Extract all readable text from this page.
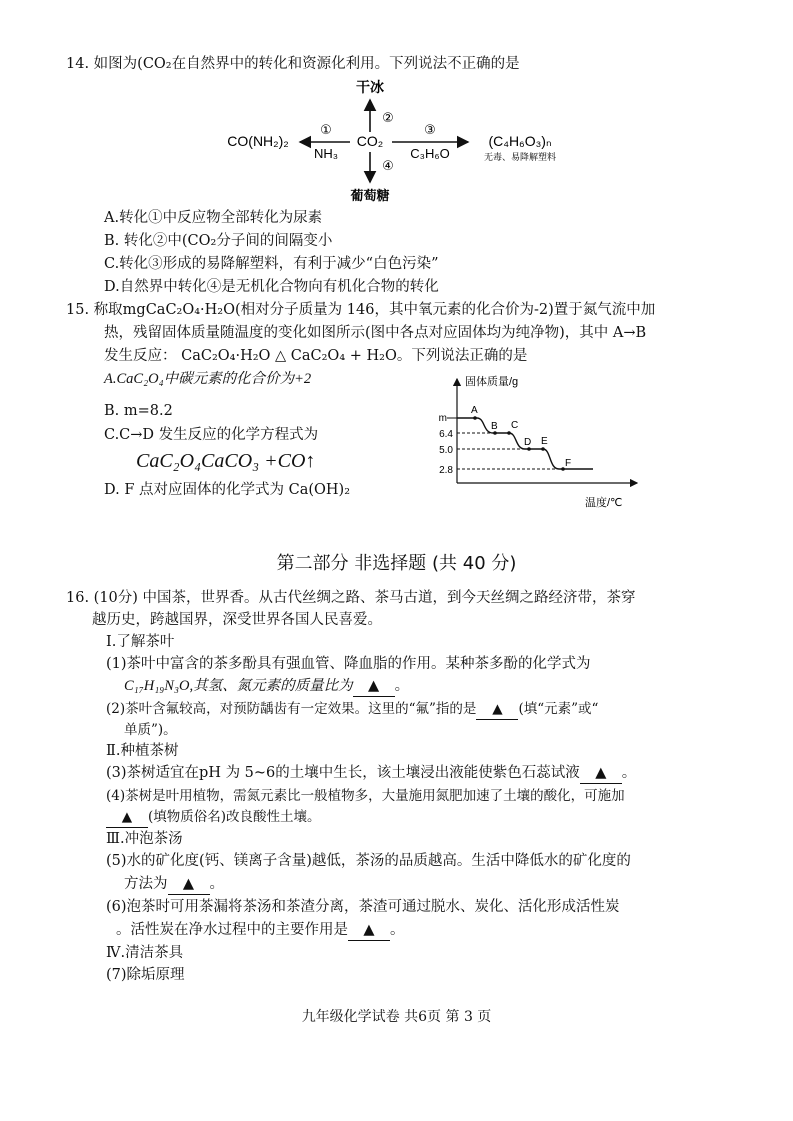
14. 如图为(CO₂在自然界中的转化和资源化利用。下列说法不正确的是
干冰
②
CO₂
①
NH₃
CO(NH₂)₂
③
C₃H₆O
(C₄H₆O₃)ₙ
无毒、易降解塑料
④
葡萄糖
A.转化①中反应物全部转化为尿素
B. 转化②中(CO₂分子间的间隔变小
C.转化③形成的易降解塑料，有利于减少“白色污染”
D.自然界中转化④是无机化合物向有机化合物的转化
15. 称取mgCaC₂O₄·H₂O(相对分子质量为 146，其中氧元素的化合价为-2)置于氮气流中加
热，残留固体质量随温度的变化如图所示(图中各点对应固体均为纯净物)，其中 A→B
发生反应： CaC₂O₄·H₂O △ CaC₂O₄ + H₂O。下列说法正确的是
A.CaC₂O₄中碳元素的化合价为+2
B. m=8.2
C.C→D 发生反应的化学方程式为
CaC₂O₄CaCO₃ +CO↑
D. F 点对应固体的化学式为 Ca(OH)₂
固体质量/g
温度/℃
m
6.4
5.0
2.8
A
B C
D E
F
第二部分 非选择题 (共 40 分)
16. (10分) 中国茶，世界香。从古代丝绸之路、茶马古道，到今天丝绸之路经济带，茶穿
越历史，跨越国界，深受世界各国人民喜爱。
I.了解茶叶
(1)茶叶中富含的茶多酚具有强血管、降血脂的作用。某种茶多酚的化学式为
C₁₇H₁₉N₃O,其氢、氮元素的质量比为 ▲ 。
(2)茶叶含氟较高，对预防龋齿有一定效果。这里的“氟”指的是 ▲ (填“元素”或“
单质”)。
Ⅱ.种植茶树
(3)茶树适宜在pH 为 5~6的土壤中生长，该土壤浸出液能使紫色石蕊试液 ▲ 。
(4)茶树是叶用植物，需氮元素比一般植物多，大量施用氮肥加速了土壤的酸化，可施加
▲ (填物质俗名)改良酸性土壤。
Ⅲ.冲泡茶汤
(5)水的矿化度(钙、镁离子含量)越低，茶汤的品质越高。生活中降低水的矿化度的
方法为 ▲ 。
(6)泡茶时可用茶漏将茶汤和茶渣分离，茶渣可通过脱水、炭化、活化形成活性炭
。活性炭在净水过程中的主要作用是 ▲ 。
Ⅳ.清洁茶具
(7)除垢原理
九年级化学试卷 共6页 第 3 页
